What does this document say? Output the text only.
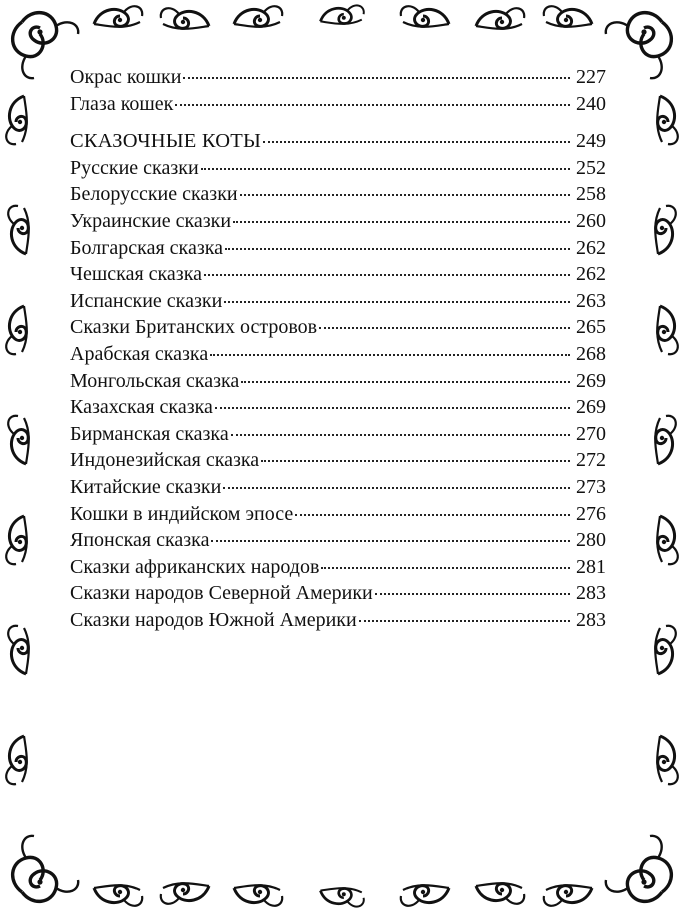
Окрас кошки	227
Глаза кошек	240
СКАЗОЧНЫЕ КОТЫ	249
Русские сказки	252
Белорусские сказки	258
Украинские сказки	260
Болгарская сказка	262
Чешская сказка	262
Испанские сказки	263
Сказки Британских островов	265
Арабская сказка	268
Монгольская сказка	269
Казахская сказка	269
Бирманская сказка	270
Индонезийская сказка	272
Китайские сказки	273
Кошки в индийском эпосе	276
Японская сказка	280
Сказки африканских народов	281
Сказки народов Северной Америки	283
Сказки народов Южной Америки	283
